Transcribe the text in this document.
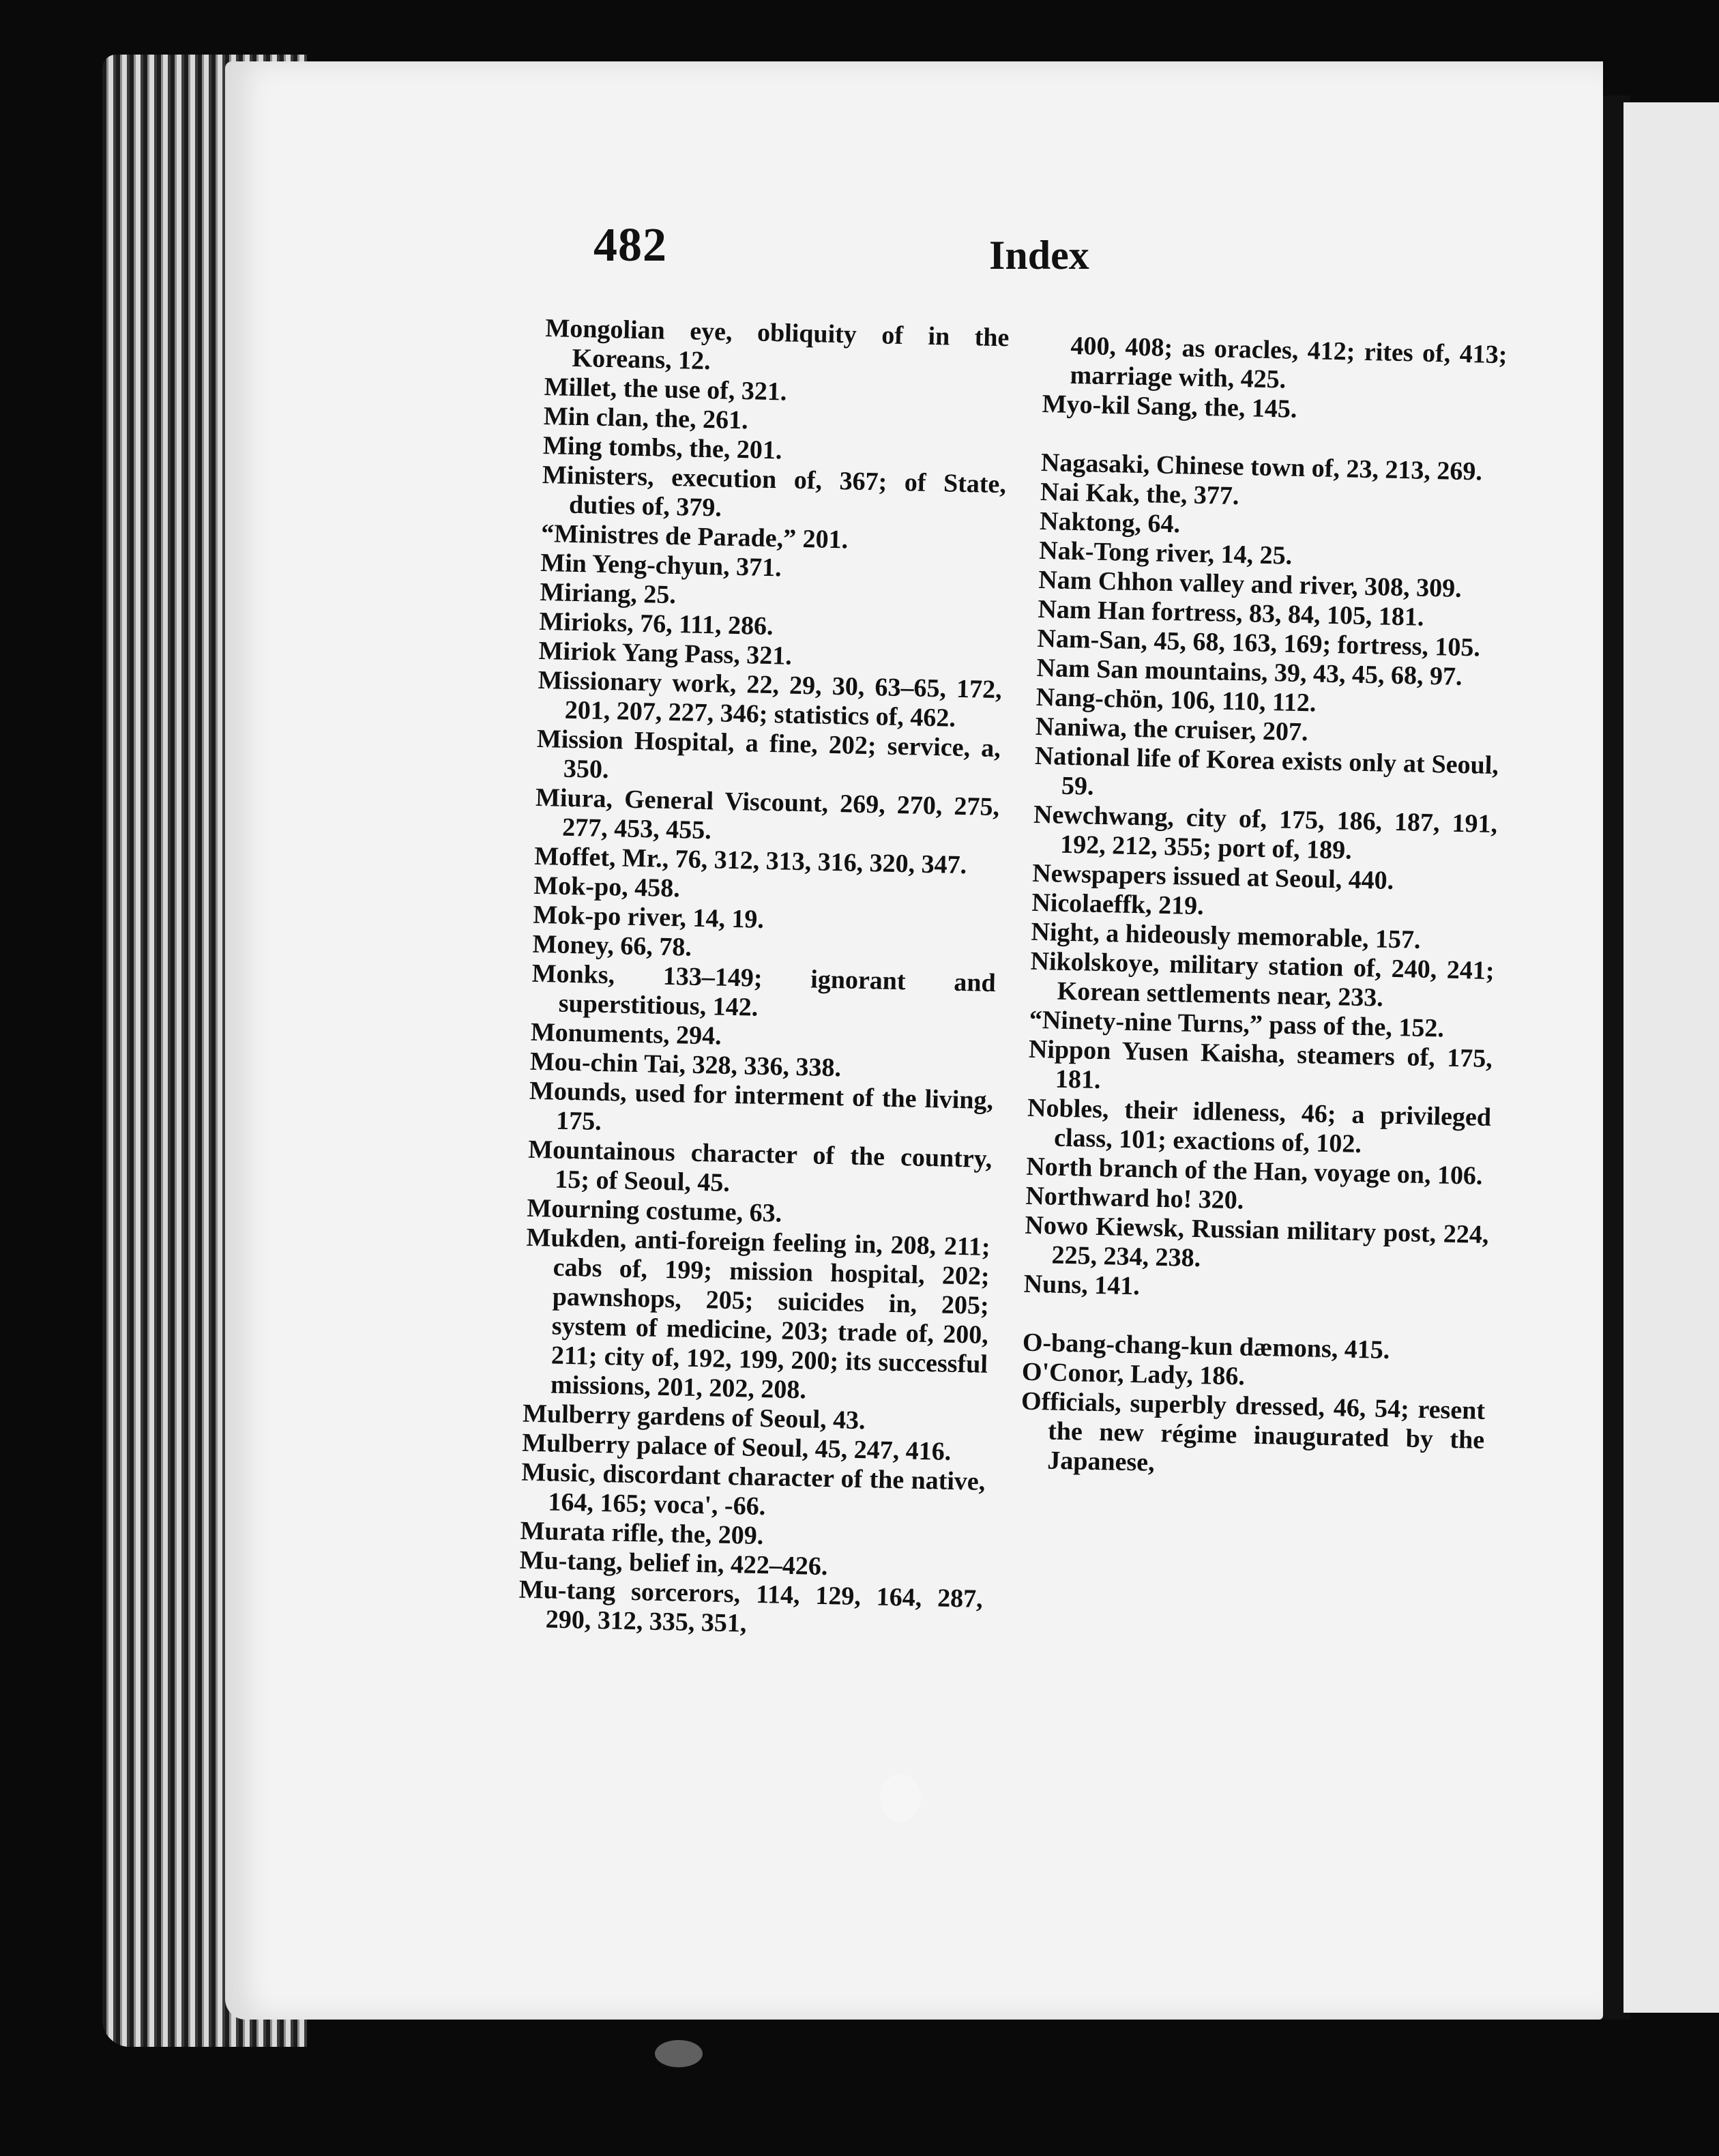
482	Index

Mongolian eye, obliquity of in the Koreans, 12.

Millet, the use of, 321.

Min clan, the, 261.

Ming tombs, the, 201.

Ministers, execution of, 367; of State, duties of, 379.

“Ministres de Parade,” 201.

Min Yeng-chyun, 371.

Miriang, 25.

Mirioks, 76, 111, 286.

Miriok Yang Pass, 321.

Missionary work, 22, 29, 30, 63–65, 172, 201, 207, 227, 346; statistics of, 462.

Mission Hospital, a fine, 202; service, a, 350.

Miura, General Viscount, 269, 270, 275, 277, 453, 455.

Moffet, Mr., 76, 312, 313, 316, 320, 347.

Mok-po, 458.

Mok-po river, 14, 19.

Money, 66, 78.

Monks, 133–149; ignorant and superstitious, 142.

Monuments, 294.

Mou-chin Tai, 328, 336, 338.

Mounds, used for interment of the living, 175.

Mountainous character of the country, 15; of Seoul, 45.

Mourning costume, 63.

Mukden, anti-foreign feeling in, 208, 211; cabs of, 199; mission hospital, 202; pawnshops, 205; suicides in, 205; system of medicine, 203; trade of, 200, 211; city of, 192, 199, 200; its successful missions, 201, 202, 208.

Mulberry gardens of Seoul, 43.

Mulberry palace of Seoul, 45, 247, 416.

Music, discordant character of the native, 164, 165; voca', -66.

Murata rifle, the, 209.

Mu-tang, belief in, 422–426.

Mu-tang sorcerors, 114, 129, 164, 287, 290, 312, 335, 351,

400, 408; as oracles, 412; rites of, 413; marriage with, 425.

Myo-kil Sang, the, 145.

Nagasaki, Chinese town of, 23, 213, 269.

Nai Kak, the, 377.

Naktong, 64.

Nak-Tong river, 14, 25.

Nam Chhon valley and river, 308, 309.

Nam Han fortress, 83, 84, 105, 181.

Nam-San, 45, 68, 163, 169; fortress, 105.

Nam San mountains, 39, 43, 45, 68, 97.

Nang-chön, 106, 110, 112.

Naniwa, the cruiser, 207.

National life of Korea exists only at Seoul, 59.

Newchwang, city of, 175, 186, 187, 191, 192, 212, 355; port of, 189.

Newspapers issued at Seoul, 440.

Nicolaeffk, 219.

Night, a hideously memorable, 157.

Nikolskoye, military station of, 240, 241; Korean settlements near, 233.

“Ninety-nine Turns,” pass of the, 152.

Nippon Yusen Kaisha, steamers of, 175, 181.

Nobles, their idleness, 46; a privileged class, 101; exactions of, 102.

North branch of the Han, voyage on, 106.

Northward ho! 320.

Nowo Kiewsk, Russian military post, 224, 225, 234, 238.

Nuns, 141.

O-bang-chang-kun dæmons, 415.

O'Conor, Lady, 186.

Officials, superbly dressed, 46, 54; resent the new régime inaugurated by the Japanese,
